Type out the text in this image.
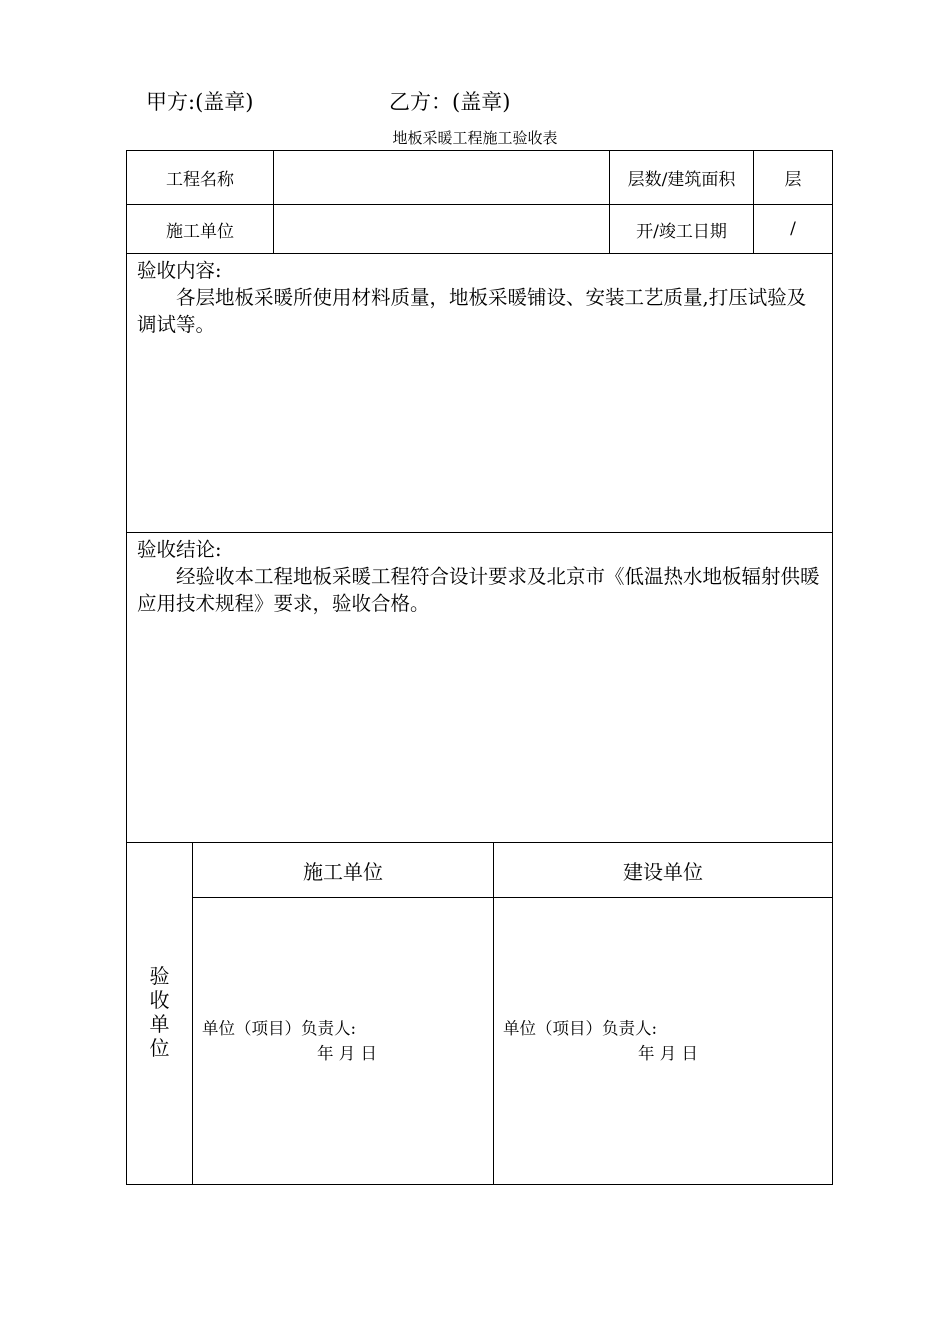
甲方:(盖章)	乙方：(盖章)
地板采暖工程施工验收表
工程名称	层数/建筑面积	层
施工单位	开/竣工日期	/
验收内容:
各层地板采暖所使用材料质量，地板采暖铺设、安装工艺质量,打压试验及调试等。
验收结论:
经验收本工程地板采暖工程符合设计要求及北京市《低温热水地板辐射供暖应用技术规程》要求，验收合格。
验
收
单
位
施工单位	建设单位
单位（项目）负责人:
年 月 日
单位（项目）负责人:
年 月 日
